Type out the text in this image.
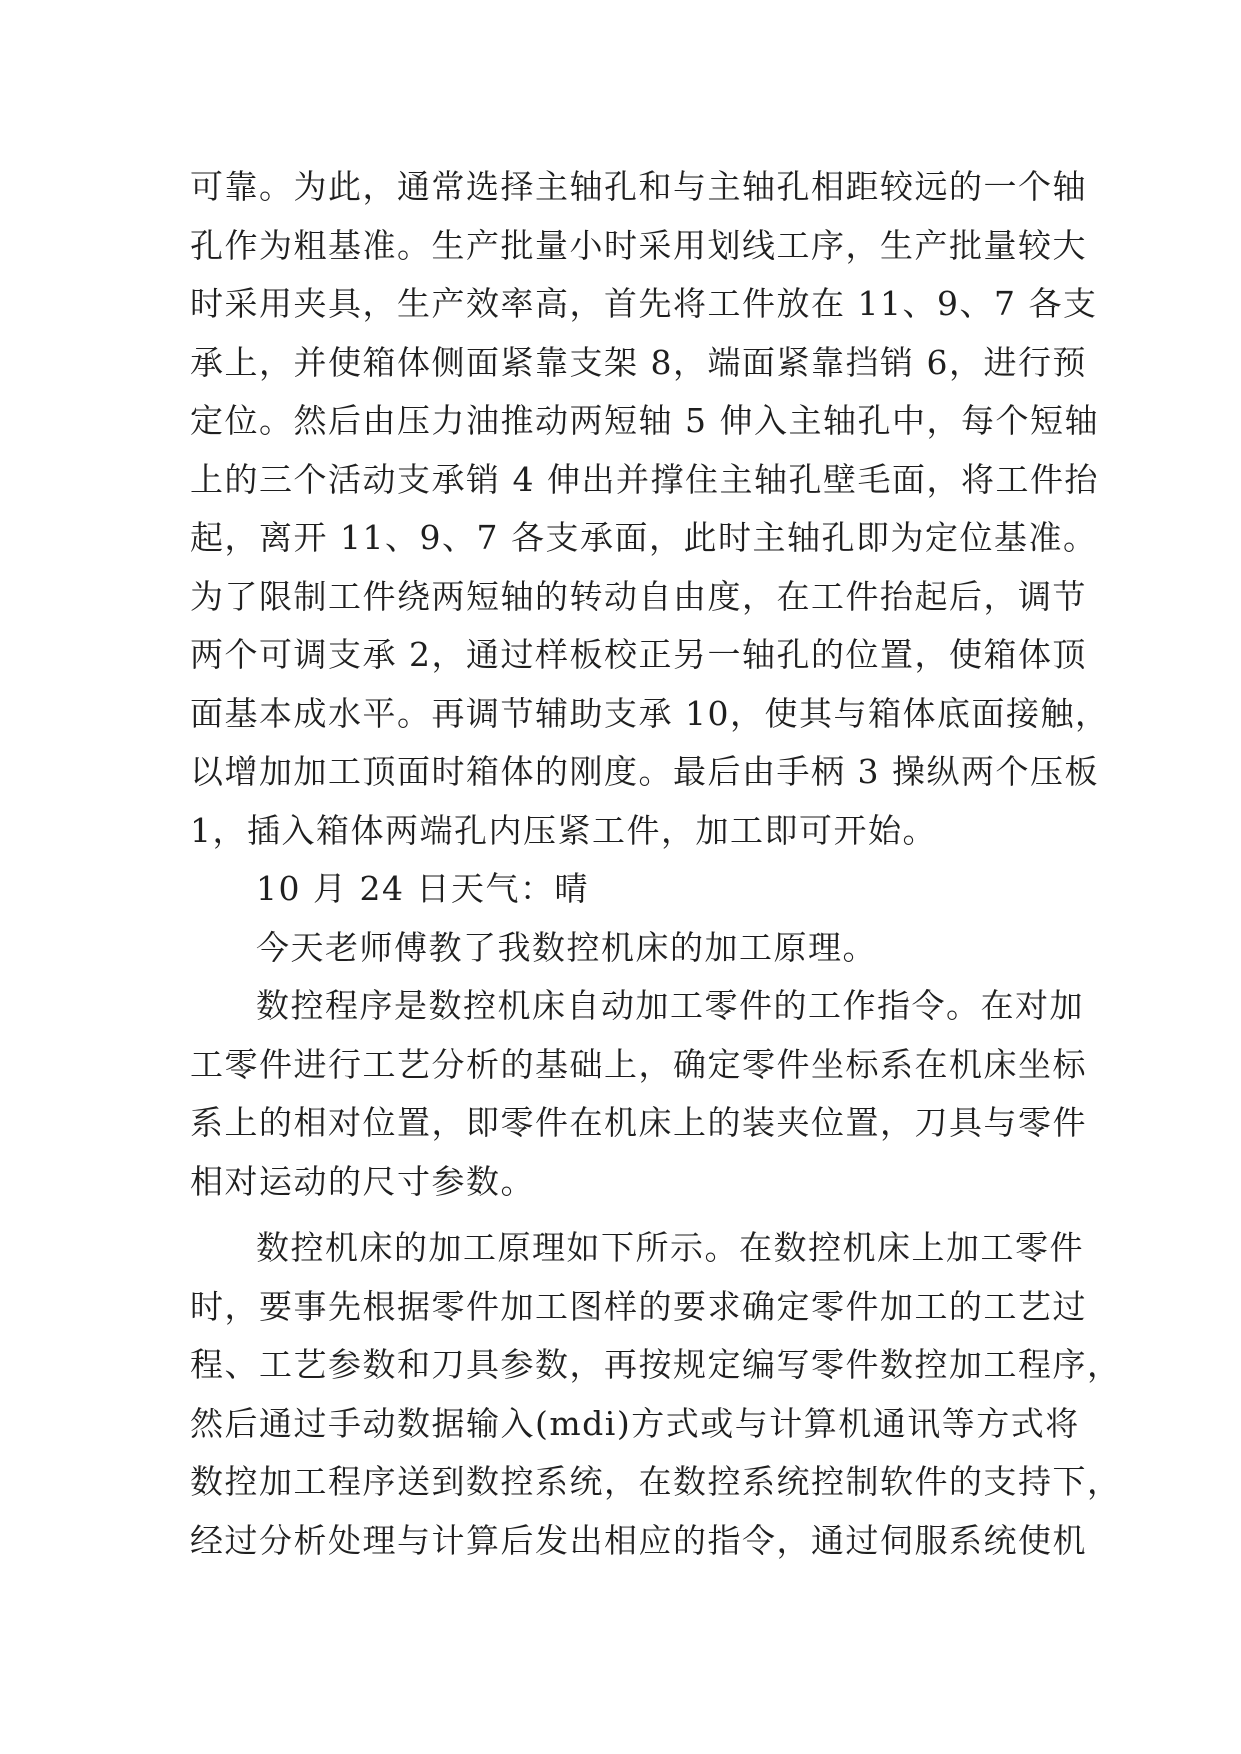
可靠。为此，通常选择主轴孔和与主轴孔相距较远的一个轴
孔作为粗基准。生产批量小时采用划线工序，生产批量较大
时采用夹具，生产效率高，首先将工件放在 11、9、7 各支
承上，并使箱体侧面紧靠支架 8，端面紧靠挡销 6，进行预
定位。然后由压力油推动两短轴 5 伸入主轴孔中，每个短轴
上的三个活动支承销 4 伸出并撑住主轴孔壁毛面，将工件抬
起，离开 11、9、7 各支承面，此时主轴孔即为定位基准。
为了限制工件绕两短轴的转动自由度，在工件抬起后，调节
两个可调支承 2，通过样板校正另一轴孔的位置，使箱体顶
面基本成水平。再调节辅助支承 10，使其与箱体底面接触，
以增加加工顶面时箱体的刚度。最后由手柄 3 操纵两个压板
1，插入箱体两端孔内压紧工件，加工即可开始。

10 月 24 日天气：晴

今天老师傅教了我数控机床的加工原理。

数控程序是数控机床自动加工零件的工作指令。在对加
工零件进行工艺分析的基础上，确定零件坐标系在机床坐标
系上的相对位置，即零件在机床上的装夹位置，刀具与零件
相对运动的尺寸参数。

数控机床的加工原理如下所示。在数控机床上加工零件
时，要事先根据零件加工图样的要求确定零件加工的工艺过
程、工艺参数和刀具参数，再按规定编写零件数控加工程序，
然后通过手动数据输入(mdi)方式或与计算机通讯等方式将
数控加工程序送到数控系统，在数控系统控制软件的支持下，
经过分析处理与计算后发出相应的指令，通过伺服系统使机
